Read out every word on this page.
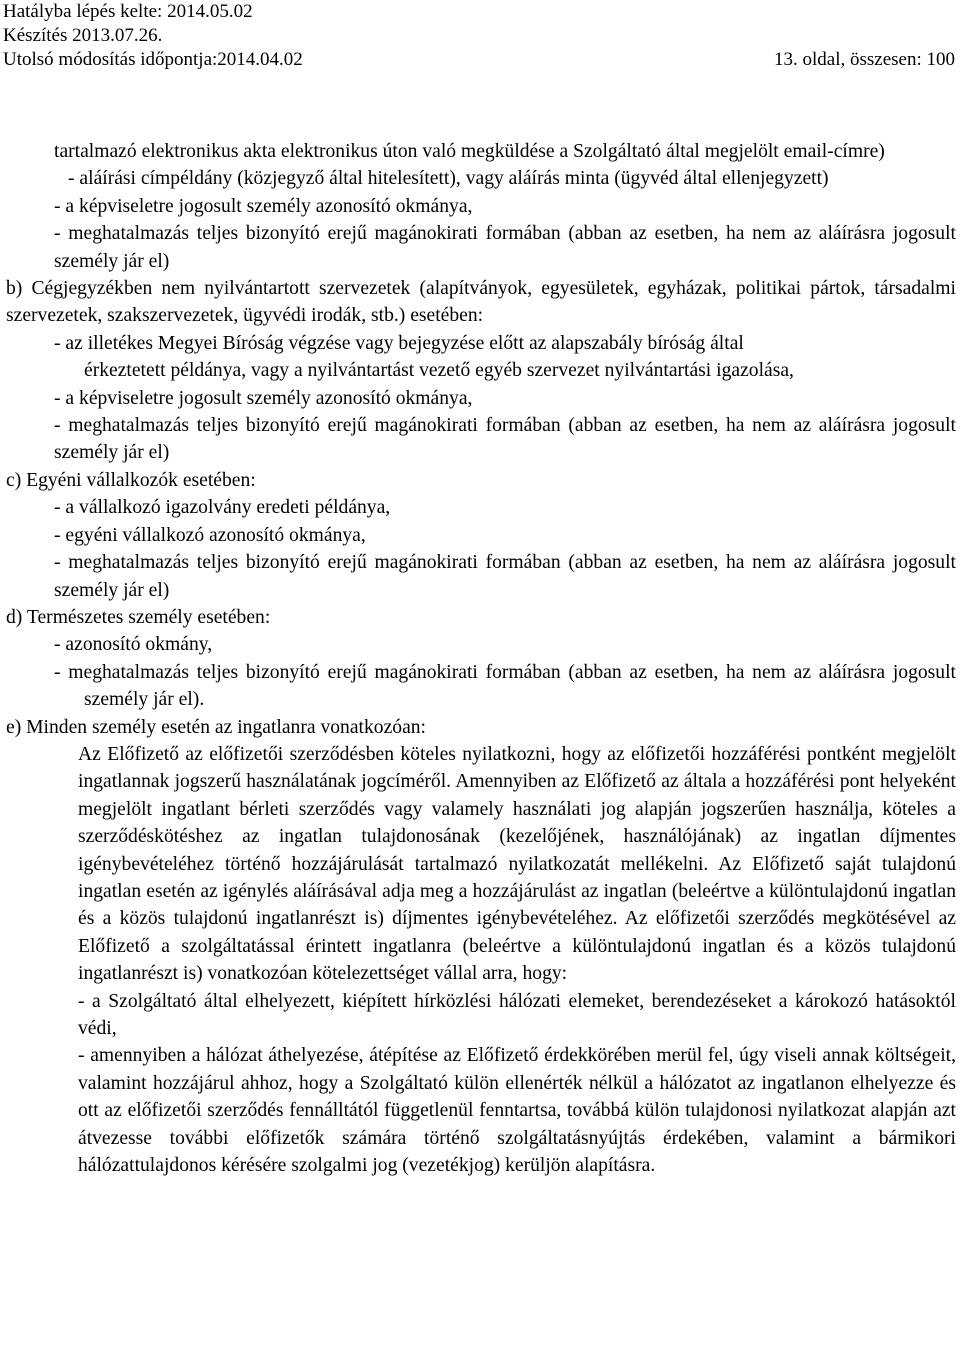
Hatályba lépés kelte: 2014.05.02
Készítés 2013.07.26.
Utolsó módosítás időpontja:2014.04.02	13. oldal, összesen: 100

tartalmazó elektronikus akta elektronikus úton való megküldése a Szolgáltató által megjelölt email-címre)

- aláírási címpéldány (közjegyző által hitelesített), vagy aláírás minta (ügyvéd által ellenjegyzett)

- a képviseletre jogosult személy azonosító okmánya,

- meghatalmazás teljes bizonyító erejű magánokirati formában (abban az esetben, ha nem az aláírásra jogosult személy jár el)

b) Cégjegyzékben nem nyilvántartott szervezetek (alapítványok, egyesületek, egyházak, politikai pártok, társadalmi szervezetek, szakszervezetek, ügyvédi irodák, stb.) esetében:

- az illetékes Megyei Bíróság végzése vagy bejegyzése előtt az alapszabály bíróság által

érkeztetett példánya, vagy a nyilvántartást vezető egyéb szervezet nyilvántartási igazolása,

- a képviseletre jogosult személy azonosító okmánya,

- meghatalmazás teljes bizonyító erejű magánokirati formában (abban az esetben, ha nem az aláírásra jogosult személy jár el)

c) Egyéni vállalkozók esetében:

- a vállalkozó igazolvány eredeti példánya,

- egyéni vállalkozó azonosító okmánya,

- meghatalmazás teljes bizonyító erejű magánokirati formában (abban az esetben, ha nem az aláírásra jogosult személy jár el)

d) Természetes személy esetében:

- azonosító okmány,

- meghatalmazás teljes bizonyító erejű magánokirati formában (abban az esetben, ha nem az aláírásra jogosult személy jár el).

e) Minden személy esetén az ingatlanra vonatkozóan:

Az Előfizető az előfizetői szerződésben köteles nyilatkozni, hogy az előfizetői hozzáférési pontként megjelölt ingatlannak jogszerű használatának jogcíméről. Amennyiben az Előfizető az általa a hozzáférési pont helyeként megjelölt ingatlant bérleti szerződés vagy valamely használati jog alapján jogszerűen használja, köteles a szerződéskötéshez az ingatlan tulajdonosának (kezelőjének, használójának) az ingatlan díjmentes igénybevételéhez történő hozzájárulását tartalmazó nyilatkozatát mellékelni. Az Előfizető saját tulajdonú ingatlan esetén az igénylés aláírásával adja meg a hozzájárulást az ingatlan (beleértve a különtulajdonú ingatlan és a közös tulajdonú ingatlanrészt is) díjmentes igénybevételéhez. Az előfizetői szerződés megkötésével az Előfizető a szolgáltatással érintett ingatlanra (beleértve a különtulajdonú ingatlan és a közös tulajdonú ingatlanrészt is) vonatkozóan kötelezettséget vállal arra, hogy:

- a Szolgáltató által elhelyezett, kiépített hírközlési hálózati elemeket, berendezéseket a károkozó hatásoktól védi,

- amennyiben a hálózat áthelyezése, átépítése az Előfizető érdekkörében merül fel, úgy viseli annak költségeit, valamint hozzájárul ahhoz, hogy a Szolgáltató külön ellenérték nélkül a hálózatot az ingatlanon elhelyezze és ott az előfizetői szerződés fennálltától függetlenül fenntartsa, továbbá külön tulajdonosi nyilatkozat alapján azt átvezesse további előfizetők számára történő szolgáltatásnyújtás érdekében, valamint a bármikori hálózattulajdonos kérésére szolgalmi jog (vezetékjog) kerüljön alapításra.
